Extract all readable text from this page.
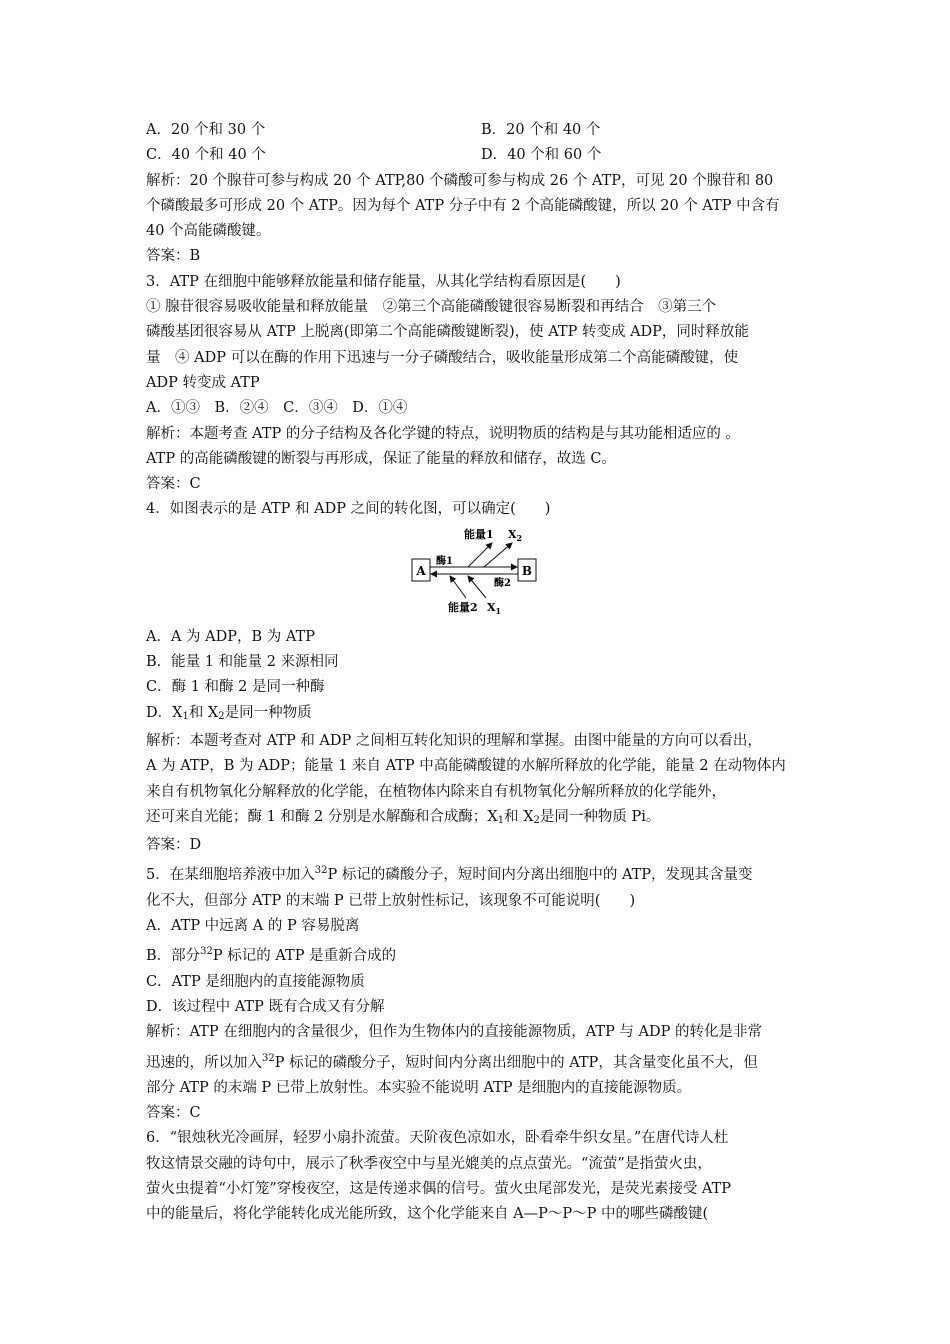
A．20 个和 30 个	B．20 个和 40 个
C．40 个和 40 个	D．40 个和 60 个
解析：20 个腺苷可参与构成 20 个 ATP,80 个磷酸可参与构成 26 个 ATP，可见 20 个腺苷和 80
个磷酸最多可形成 20 个 ATP。因为每个 ATP 分子中有 2 个高能磷酸键，所以 20 个 ATP 中含有
40 个高能磷酸键。
答案：B
3．ATP 在细胞中能够释放能量和储存能量，从其化学结构看原因是(　　)
① 腺苷很容易吸收能量和释放能量　②第三个高能磷酸键很容易断裂和再结合　③第三个
磷酸基团很容易从 ATP 上脱离(即第二个高能磷酸键断裂)，使 ATP 转变成 ADP，同时释放能
量　④ ADP 可以在酶的作用下迅速与一分子磷酸结合，吸收能量形成第二个高能磷酸键，使
ADP 转变成 ATP
A．①③　B．②④　C．③④　D．①④
解析：本题考查 ATP 的分子结构及各化学键的特点，说明物质的结构是与其功能相适应的 。
ATP 的高能磷酸键的断裂与再形成，保证了能量的释放和储存，故选 C。
答案：C
4．如图表示的是 ATP 和 ADP 之间的转化图，可以确定(　　)
A	B
能量1 $X_2$
酶1
酶2
能量2 $X_1$
A．A 为 ADP，B 为 ATP
B．能量 1 和能量 2 来源相同
C．酶 1 和酶 2 是同一种酶
D．$X_1$和 $X_2$是同一种物质
解析：本题考查对 ATP 和 ADP 之间相互转化知识的理解和掌握。由图中能量的方向可以看出，
A 为 ATP，B 为 ADP；能量 1 来自 ATP 中高能磷酸键的水解所释放的化学能，能量 2 在动物体内
来自有机物氧化分解释放的化学能，在植物体内除来自有机物氧化分解所释放的化学能外，
还可来自光能；酶 1 和酶 2 分别是水解酶和合成酶；$X_1$和 $X_2$是同一种物质 Pi。
答案：D
5．在某细胞培养液中加入$^{32}$P 标记的磷酸分子，短时间内分离出细胞中的 ATP，发现其含量变
化不大，但部分 ATP 的末端 P 已带上放射性标记，该现象不可能说明(　　)
A．ATP 中远离 A 的 P 容易脱离
B．部分$^{32}$P 标记的 ATP 是重新合成的
C．ATP 是细胞内的直接能源物质
D．该过程中 ATP 既有合成又有分解
解析：ATP 在细胞内的含量很少，但作为生物体内的直接能源物质，ATP 与 ADP 的转化是非常
迅速的，所以加入$^{32}$P 标记的磷酸分子，短时间内分离出细胞中的 ATP，其含量变化虽不大，但
部分 ATP 的末端 P 已带上放射性。本实验不能说明 ATP 是细胞内的直接能源物质。
答案：C
6．“银烛秋光冷画屏，轻罗小扇扑流萤。天阶夜色凉如水，卧看牵牛织女星。”在唐代诗人杜
牧这情景交融的诗句中，展示了秋季夜空中与星光媲美的点点萤光。“流萤”是指萤火虫，
萤火虫提着“小灯笼”穿梭夜空，这是传递求偶的信号。萤火虫尾部发光，是荧光素接受 ATP
中的能量后，将化学能转化成光能所致，这个化学能来自 A—P～P～P 中的哪些磷酸键(
